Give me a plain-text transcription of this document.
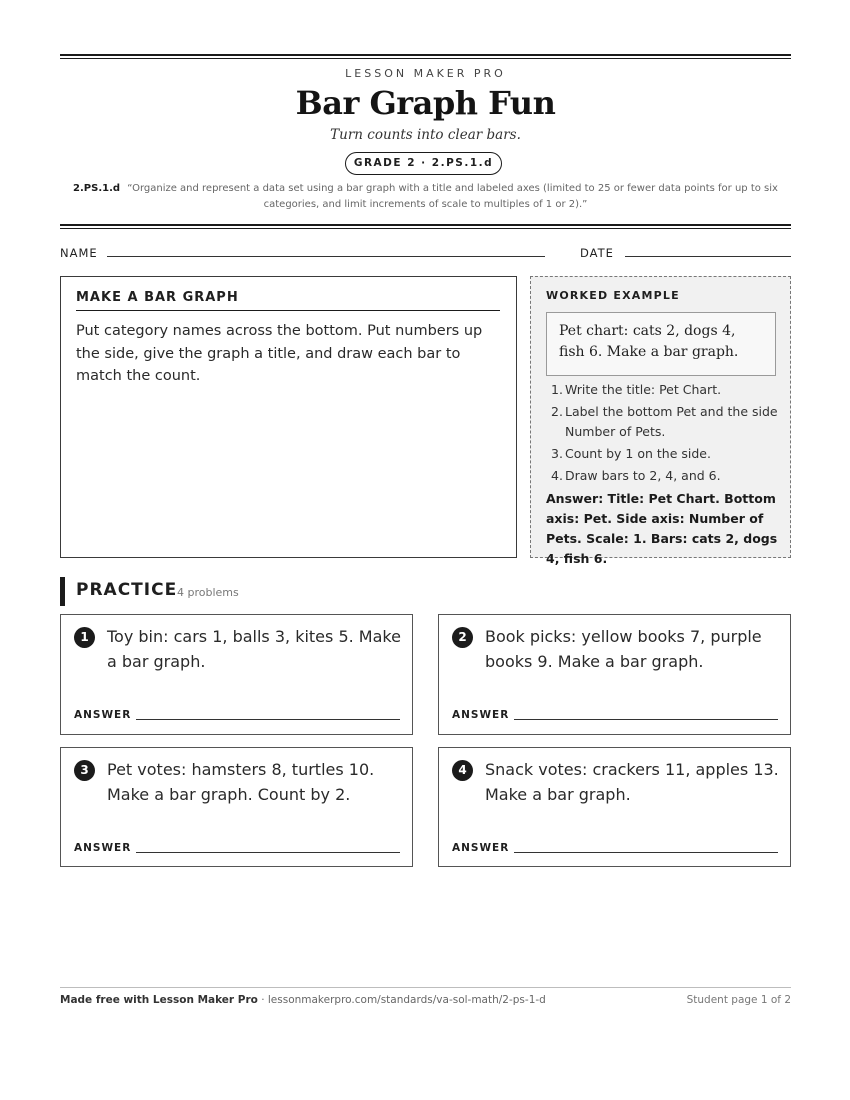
LESSON MAKER PRO
Bar Graph Fun
Turn counts into clear bars.
GRADE 2 · 2.PS.1.d
2.PS.1.d “Organize and represent a data set using a bar graph with a title and labeled axes (limited to 25 or fewer data points for up to six categories, and limit increments of scale to multiples of 1 or 2).”
NAME	DATE
MAKE A BAR GRAPH
Put category names across the bottom. Put numbers up the side, give the graph a title, and draw each bar to match the count.
WORKED EXAMPLE
Pet chart: cats 2, dogs 4, fish 6. Make a bar graph.
1. Write the title: Pet Chart.
2. Label the bottom Pet and the side Number of Pets.
3. Count by 1 on the side.
4. Draw bars to 2, 4, and 6.
Answer: Title: Pet Chart. Bottom axis: Pet. Side axis: Number of Pets. Scale: 1. Bars: cats 2, dogs 4, fish 6.
PRACTICE 4 problems
1	Toy bin: cars 1, balls 3, kites 5. Make a bar graph.
ANSWER
2	Book picks: yellow books 7, purple books 9. Make a bar graph.
ANSWER
3	Pet votes: hamsters 8, turtles 10. Make a bar graph. Count by 2.
ANSWER
4	Snack votes: crackers 11, apples 13. Make a bar graph.
ANSWER
Made free with Lesson Maker Pro · lessonmakerpro.com/standards/va-sol-math/2-ps-1-d	Student page 1 of 2
